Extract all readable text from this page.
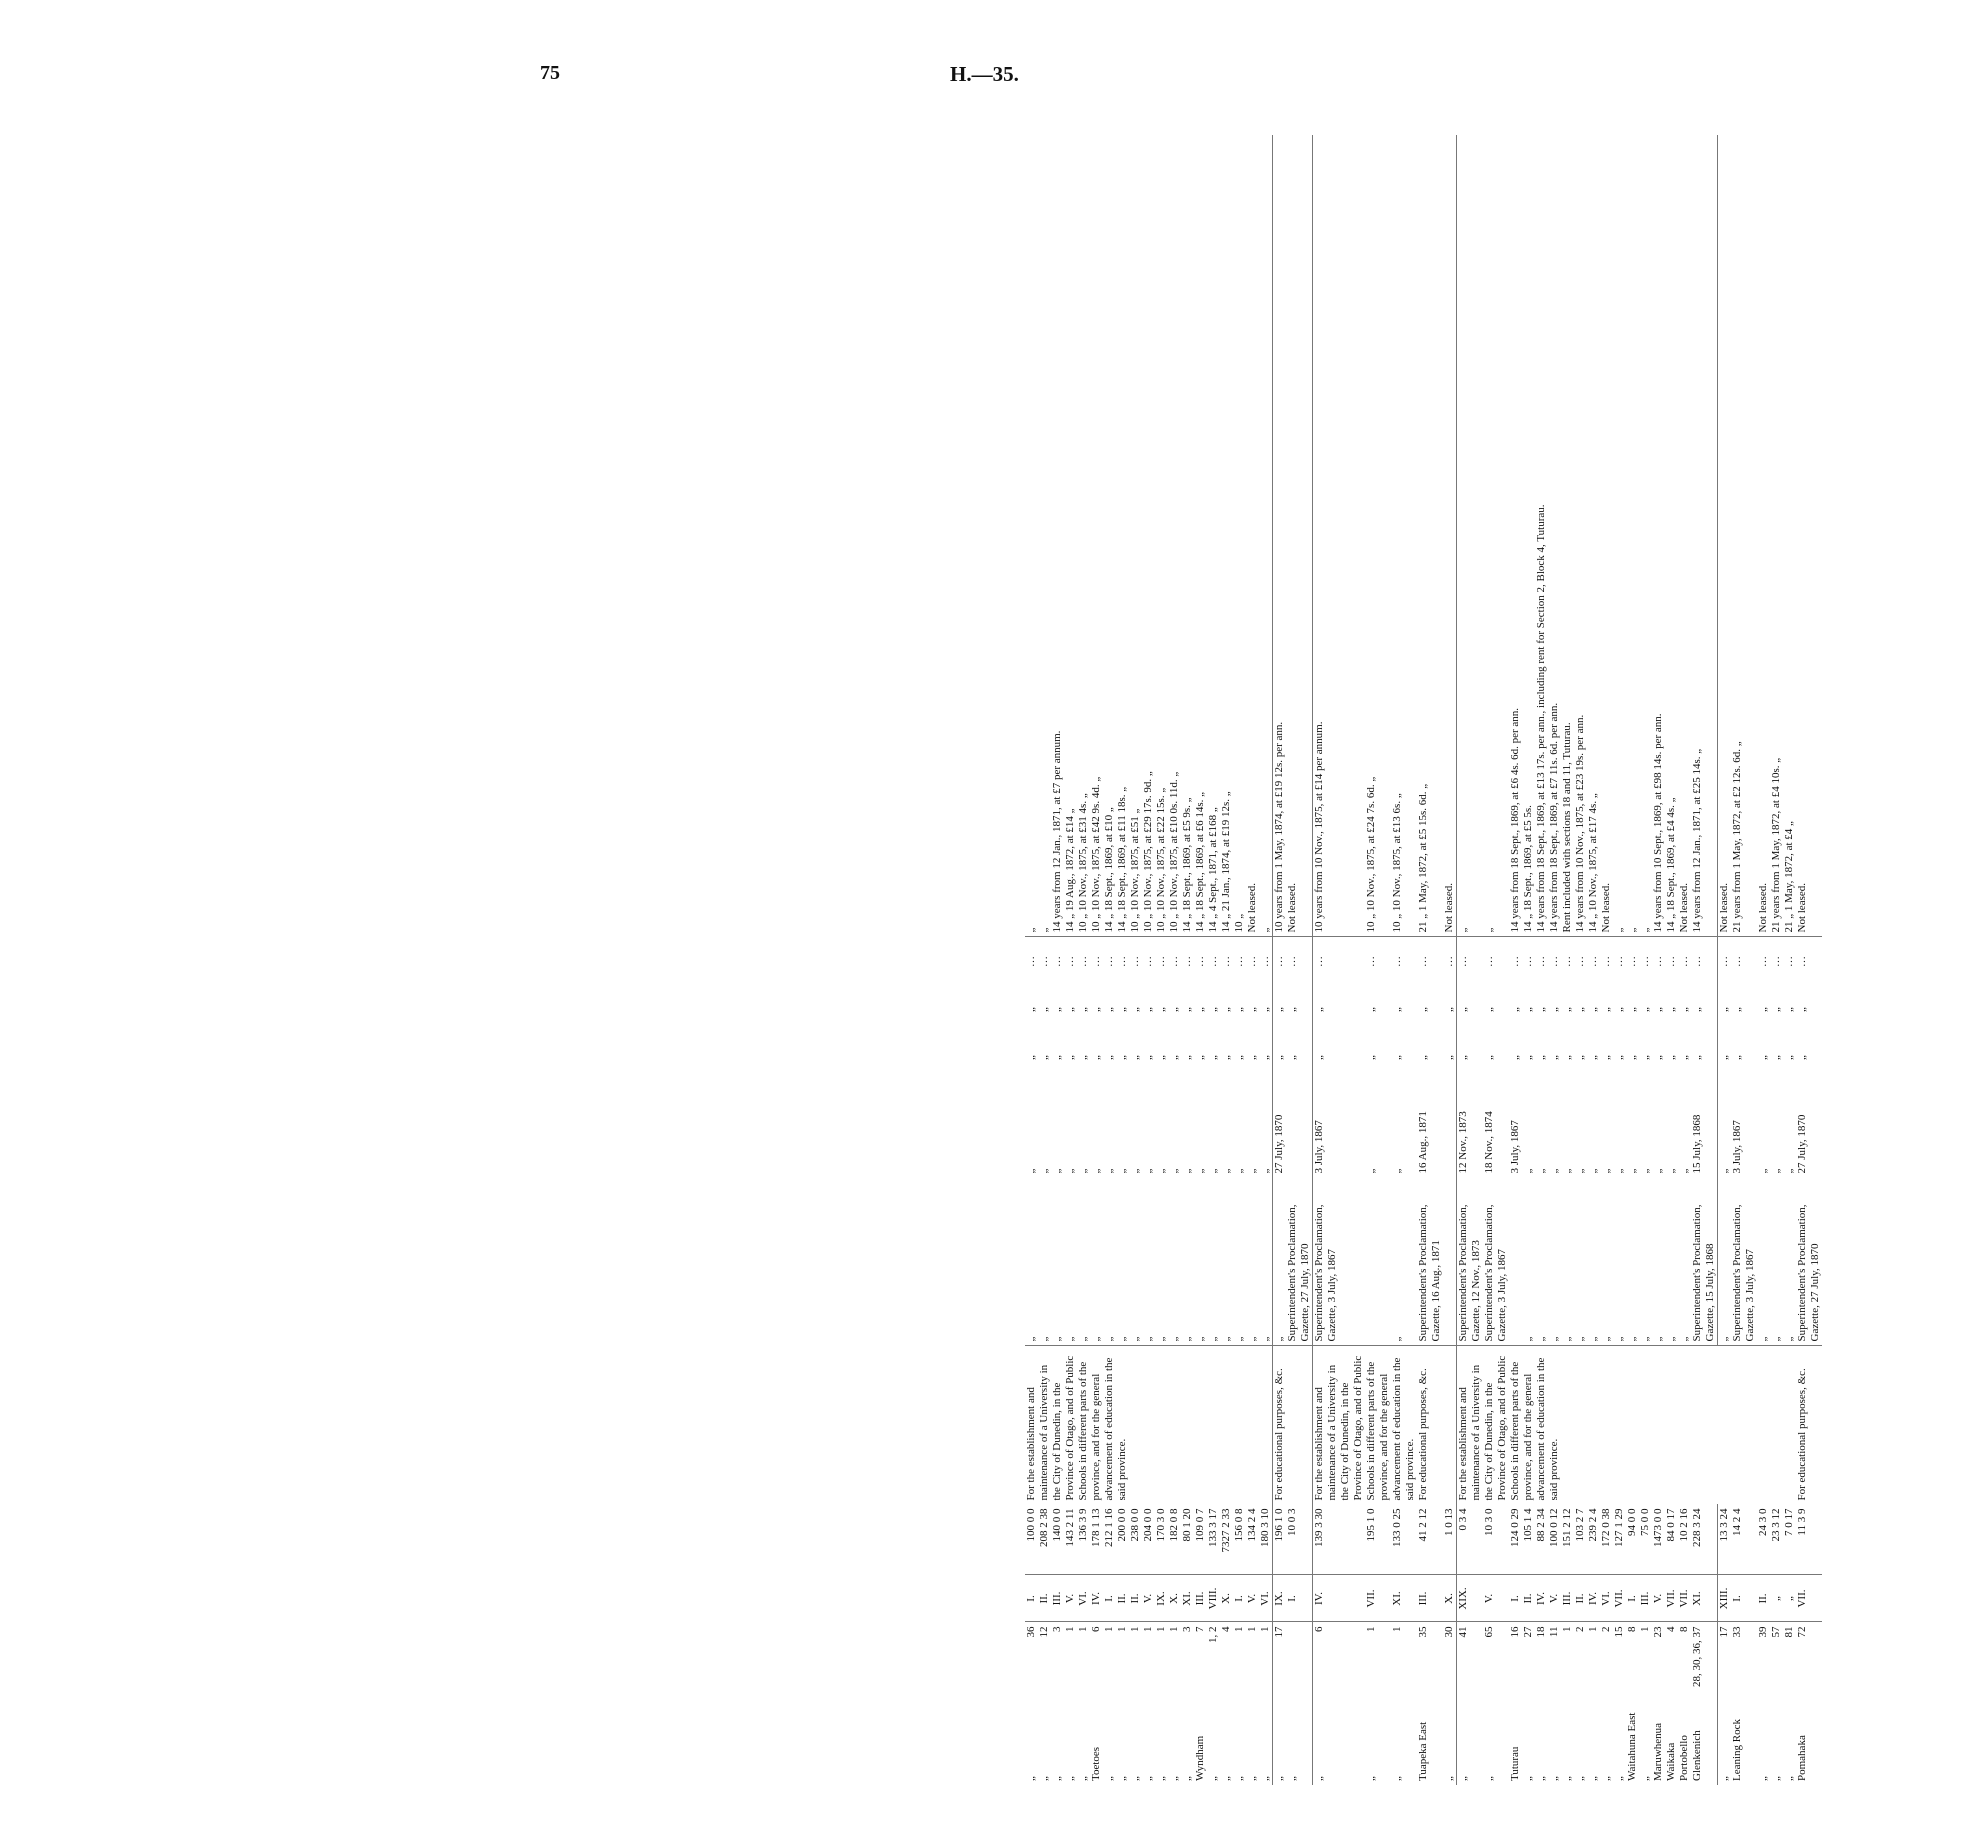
75	H.—35.
„	36	I.	100 0 0	For the establishment and maintenance of a University in the City of Dunedin, in the Province of Otago, and of Public Schools in different parts of the province, and for the general advancement of education in the said province.	„	„	„	„	…	„
„	12	II.	208 2 38		„	„	„	„	…	„
„	3	III.	140 0 0		„	„	„	„	…	14 years from 12 Jan., 1871, at £7 per annum.
„	1	V.	143 2 11		„	„	„	„	…	14 „ 19 Aug., 1872, at £14 „
„	1	VI.	136 3 9		„	„	„	„	…	10 „ 10 Nov., 1875, at £31 4s. „
Toetoes	6	IV.	178 1 13		„	„	„	„	…	10 „ 10 Nov., 1875, at £42 9s. 4d. „
„	1	I.	212 1 16		„	„	„	„	…	14 „ 18 Sept., 1869, at £10 „
„	1	II.	200 0 0		„	„	„	„	…	14 „ 18 Sept., 1869, at £11 18s. „
„	1	II.	238 0 0		„	„	„	„	…	10 „ 10 Nov., 1875, at £51 „
„	1	V.	204 0 0		„	„	„	„	…	10 „ 10 Nov., 1875, at £29 17s. 9d. „
„	1	IX.	170 3 0		„	„	„	„	…	10 „ 10 Nov., 1875, at £22 15s. „
„	1	X.	182 0 8		„	„	„	„	…	10 „ 10 Nov., 1875, at £10 0s. 11d. „
„	3	XI.	80 1 20		„	„	„	„	…	14 „ 18 Sept., 1869, at £5 9s. „
Wyndham	7	III.	109 0 7		„	„	„	„	…	14 „ 18 Sept., 1869, at £6 14s. „
„	1, 2	VIII.	133 3 17		„	„	„	„	…	14 „ 4 Sept., 1871, at £168 „
„	4	X.	7327 2 33		„	„	„	„	…	14 „ 21 Jan., 1874, at £19 12s. „
„	1	I.	156 0 8		„	„	„	„	…	10 „
„	1	V.	134 2 4		„	„	„	„	…	Not leased.
„	1	VI.	180 3 10		„	„	„	„	…	„
„	17	IX.	196 1 0	For educational purposes, &c.	„	27 July, 1870	„	„	…	10 years from 1 May, 1874, at £19 12s. per ann.
„		I.	10 0 3		Superintendent's Proclamation, Gazette, 27 July, 1870		„	„	…	Not leased.
„	6	IV.	139 3 30	For the establishment and maintenance of a University in the City of Dunedin, in the Province of Otago, and of Public Schools in different parts of the province, and for the general advancement of education in the said province.	Superintendent's Proclamation, Gazette, 3 July, 1867	3 July, 1867	„	„	…	10 years from 10 Nov., 1875, at £14 per annum.
„	1	VII.	195 1 0			„	„	„	…	10 „ 10 Nov., 1875, at £24 7s. 6d. „
„	1	XI.	133 0 25		„	„	„	„	…	10 „ 10 Nov., 1875, at £13 6s. „
Tuapeka East	35	III.	41 2 12	For educational purposes, &c.	Superintendent's Proclamation, Gazette, 16 Aug., 1871	16 Aug., 1871	„	„	…	21 „ 1 May, 1872, at £5 15s. 6d. „
„	30	X.	1 0 13				„	„	…	Not leased.
„	41	XIX.	0 3 4	For the establishment and maintenance of a University in the City of Dunedin, in the Province of Otago, and of Public Schools in different parts of the province, and for the general advancement of education in the said province.	Superintendent's Proclamation, Gazette, 12 Nov., 1873	12 Nov., 1873	„	„	…	„
„	65	V.	10 3 0		Superintendent's Proclamation, Gazette, 3 July, 1867	18 Nov., 1874	„	„	…	„
Tuturau	16	I.	124 0 29			3 July, 1867	„	„	…	14 years from 18 Sept., 1869, at £6 4s. 6d. per ann.
„	27	II.	105 1 4		„	„	„	„	…	14 „ 18 Sept., 1869, at £5 5s.
„	18	IV.	88 2 34		„	„	„	„	…	14 years from 18 Sept., 1869, at £13 17s. per ann., including rent for Section 2, Block 4, Tuturau.
„	11	V.	100 0 12		„	„	„	„	…	14 years from 18 Sept., 1869, at £7 11s. 6d. per ann.
„	1	III.	151 2 12		„	„	„	„	…	Rent included with sections 18 and 11, Tuturau.
„	2	II.	103 2 7		„	„	„	„	…	14 years from 10 Nov., 1875, at £23 19s. per ann.
„	1	IV.	239 2 4		„	„	„	„	…	14 „ 10 Nov., 1875, at £17 4s. „
„	2	VI.	172 0 38		„	„	„	„	…	Not leased.
„	15	VII.	127 1 29		„	„	„	„	…	„
Waitahuna East	8	I.	94 0 0		„	„	„	„	…	„
„	1	III.	75 0 0		„	„	„	„	…	„
Maruwhenua	23	V.	1473 0 0		„	„	„	„	…	14 years from 10 Sept., 1869, at £98 14s. per ann.
Waikaka	4	VII.	84 0 17		„	„	„	„	…	14 „ 18 Sept., 1869, at £4 4s. „
Portobello	8	VII.	10 2 16		„	„	„	„	…	Not leased.
Glenkenich	28, 30, 36, 37	XI.	228 3 24		Superintendent's Proclamation, Gazette, 15 July, 1868	15 July, 1868	„	„	…	14 years from 12 Jan., 1871, at £25 14s. „
„	17	XIII.	13 3 24		„	„	„	„	…	Not leased.
Leaning Rock	33	I.	14 2 4		Superintendent's Proclamation, Gazette, 3 July, 1867	3 July, 1867	„	„	…	21 years from 1 May, 1872, at £2 12s. 6d. „
„	39	II.	24 3 0		„	„	„	„	…	Not leased.
„	57	„	23 3 12		„	„	„	„	…	21 years from 1 May, 1872, at £4 10s. „
„	81	„	7 0 17		„	„	„	„	…	21 „ 1 May, 1872, at £4 „
Pomahaka	72	VII.	11 3 9	For educational purposes, &c.	Superintendent's Proclamation, Gazette, 27 July, 1870	27 July, 1870	„	„	…	Not leased.
